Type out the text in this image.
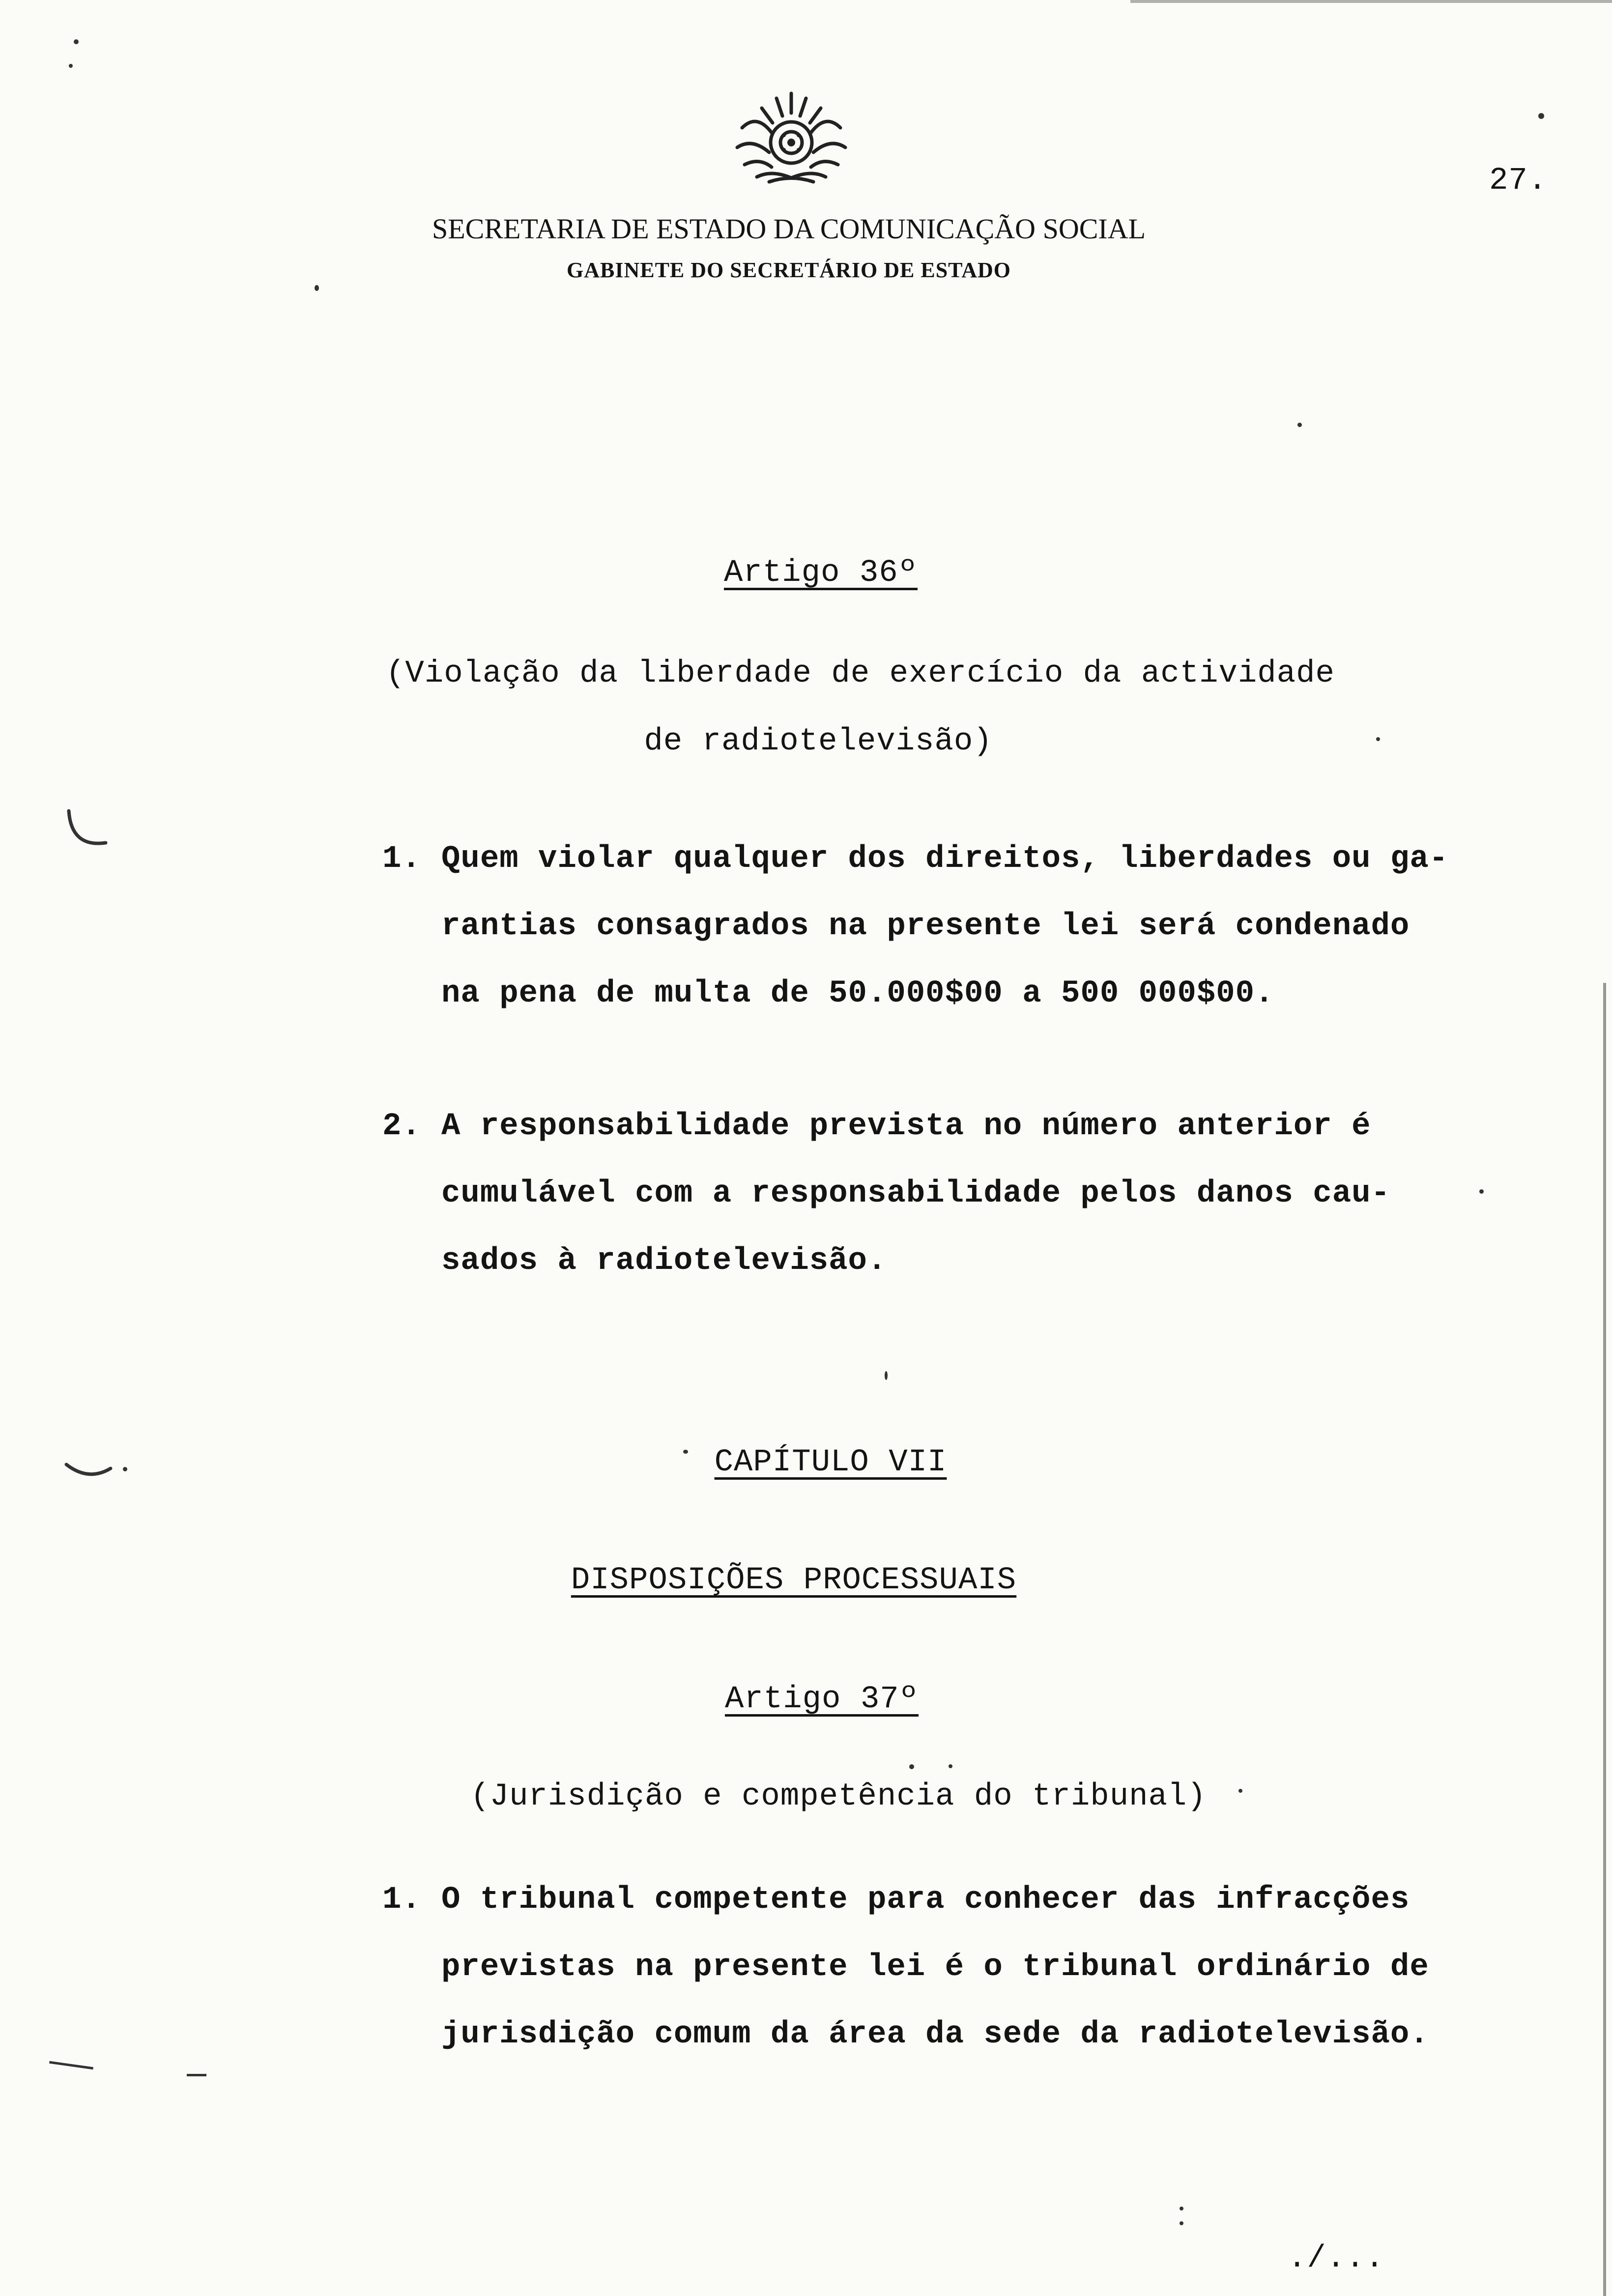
27.
SECRETARIA DE ESTADO DA COMUNICAÇÃO SOCIAL
GABINETE DO SECRETÁRIO DE ESTADO
Artigo 36º
(Violação da liberdade de exercício da actividade
de radiotelevisão)
1. Quem violar qualquer dos direitos, liberdades ou ga-
rantias consagrados na presente lei será condenado
na pena de multa de 50.000$00 a 500 000$00.
2. A responsabilidade prevista no número anterior é
cumulável com a responsabilidade pelos danos cau-
sados à radiotelevisão.
CAPÍTULO VII
DISPOSIÇÕES PROCESSUAIS
Artigo 37º
(Jurisdição e competência do tribunal)
1. O tribunal competente para conhecer das infracções
previstas na presente lei é o tribunal ordinário de
jurisdição comum da área da sede da radiotelevisão.
./...
